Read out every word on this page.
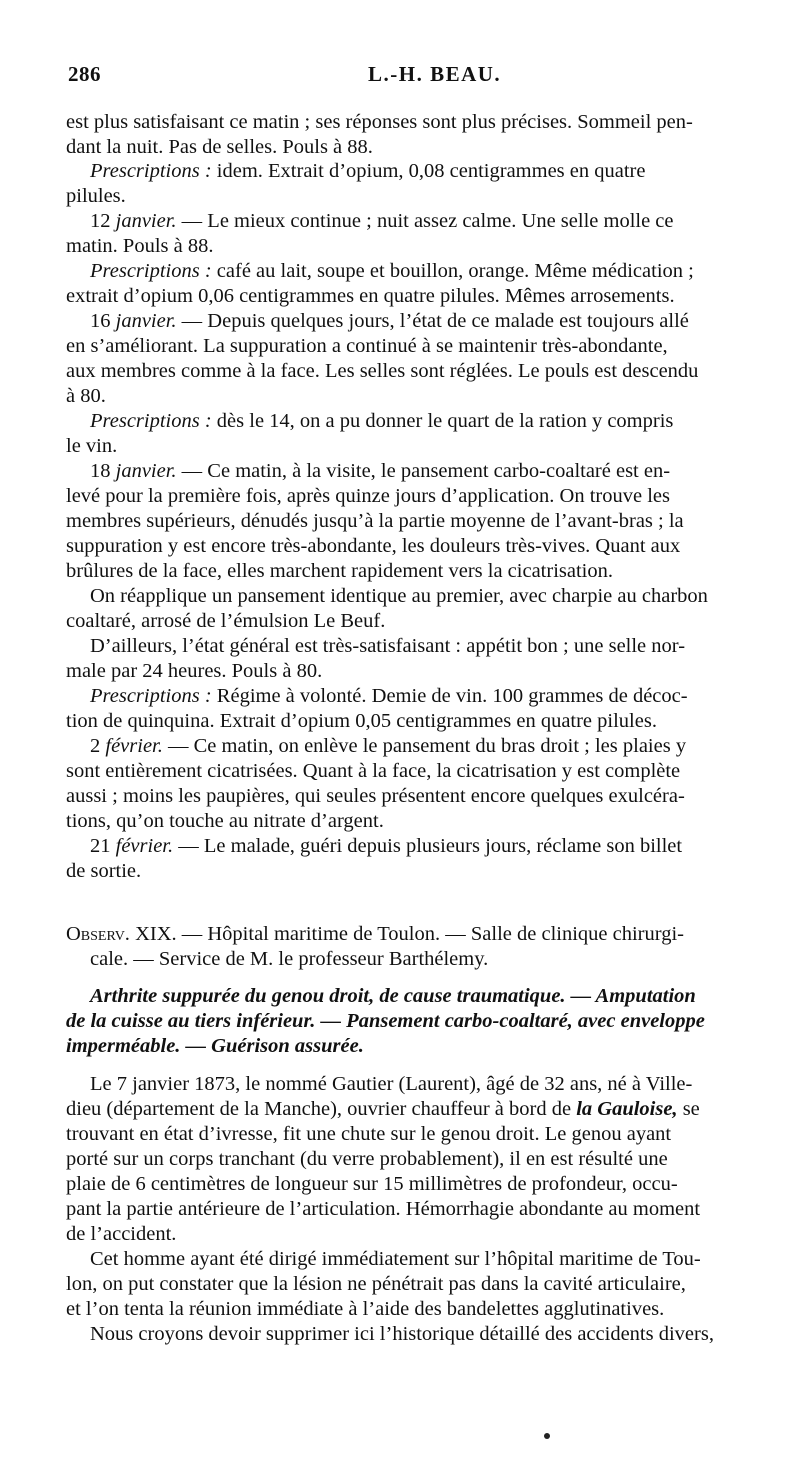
286	L.-H. BEAU.
est plus satisfaisant ce matin ; ses réponses sont plus précises. Sommeil pen-
dant la nuit. Pas de selles. Pouls à 88.
Prescriptions : idem. Extrait d’opium, 0,08 centigrammes en quatre
pilules.
12 janvier. — Le mieux continue ; nuit assez calme. Une selle molle ce
matin. Pouls à 88.
Prescriptions : café au lait, soupe et bouillon, orange. Même médication ;
extrait d’opium 0,06 centigrammes en quatre pilules. Mêmes arrosements.
16 janvier. — Depuis quelques jours, l’état de ce malade est toujours allé
en s’améliorant. La suppuration a continué à se maintenir très-abondante,
aux membres comme à la face. Les selles sont réglées. Le pouls est descendu
à 80.
Prescriptions : dès le 14, on a pu donner le quart de la ration y compris
le vin.
18 janvier. — Ce matin, à la visite, le pansement carbo-coaltaré est en-
levé pour la première fois, après quinze jours d’application. On trouve les
membres supérieurs, dénudés jusqu’à la partie moyenne de l’avant-bras ; la
suppuration y est encore très-abondante, les douleurs très-vives. Quant aux
brûlures de la face, elles marchent rapidement vers la cicatrisation.
On réapplique un pansement identique au premier, avec charpie au charbon
coaltaré, arrosé de l’émulsion Le Beuf.
D’ailleurs, l’état général est très-satisfaisant : appétit bon ; une selle nor-
male par 24 heures. Pouls à 80.
Prescriptions : Régime à volonté. Demie de vin. 100 grammes de décoc-
tion de quinquina. Extrait d’opium 0,05 centigrammes en quatre pilules.
2 février. — Ce matin, on enlève le pansement du bras droit ; les plaies y
sont entièrement cicatrisées. Quant à la face, la cicatrisation y est complète
aussi ; moins les paupières, qui seules présentent encore quelques exulcéra-
tions, qu’on touche au nitrate d’argent.
21 février. — Le malade, guéri depuis plusieurs jours, réclame son billet
de sortie.
Observ. XIX. — Hôpital maritime de Toulon. — Salle de clinique chirurgi-
cale. — Service de M. le professeur Barthélemy.
Arthrite suppurée du genou droit, de cause traumatique. — Amputation
de la cuisse au tiers inférieur. — Pansement carbo-coaltaré, avec enveloppe
imperméable. — Guérison assurée.
Le 7 janvier 1873, le nommé Gautier (Laurent), âgé de 32 ans, né à Ville-
dieu (département de la Manche), ouvrier chauffeur à bord de la Gauloise, se
trouvant en état d’ivresse, fit une chute sur le genou droit. Le genou ayant
porté sur un corps tranchant (du verre probablement), il en est résulté une
plaie de 6 centimètres de longueur sur 15 millimètres de profondeur, occu-
pant la partie antérieure de l’articulation. Hémorrhagie abondante au moment
de l’accident.
Cet homme ayant été dirigé immédiatement sur l’hôpital maritime de Tou-
lon, on put constater que la lésion ne pénétrait pas dans la cavité articulaire,
et l’on tenta la réunion immédiate à l’aide des bandelettes agglutinatives.
Nous croyons devoir supprimer ici l’historique détaillé des accidents divers,
